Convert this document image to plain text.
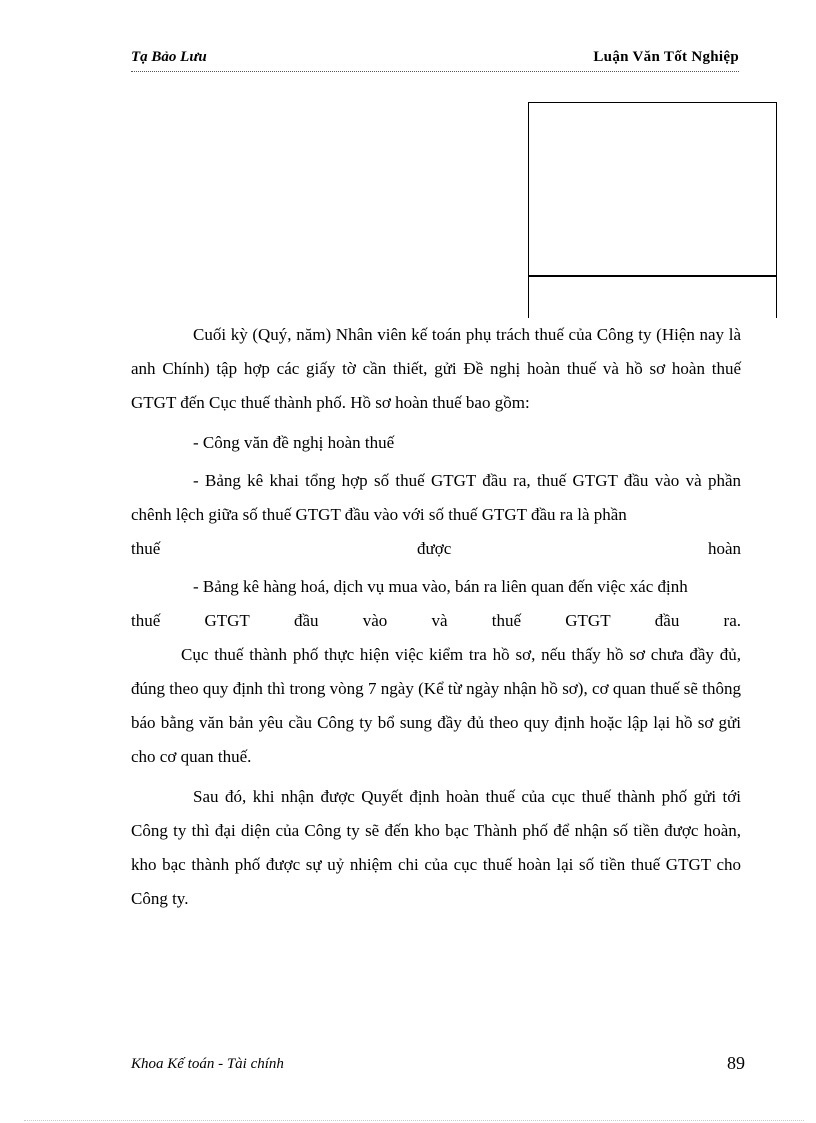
Tạ Bảo Lưu	Luận Văn Tốt Nghiệp

Cuối kỳ (Quý, năm) Nhân viên kế toán phụ trách thuế của Công ty (Hiện nay là anh Chính) tập hợp các giấy tờ cần thiết, gửi Đề nghị hoàn thuế và hồ sơ hoàn thuế GTGT đến Cục thuế thành phố. Hồ sơ hoàn thuế bao gồm:

- Công văn đề nghị hoàn thuế

- Bảng kê khai tổng hợp số thuế GTGT đầu ra, thuế GTGT đầu vào và phần chênh lệch giữa số thuế GTGT đầu vào với số thuế GTGT đầu ra là phần

thuế	được	hoàn

- Bảng kê hàng hoá, dịch vụ mua vào, bán ra liên quan đến việc xác định

thuế	GTGT	đầu	vào	và	thuế	GTGT	đầu	ra.

Cục thuế thành phố thực hiện việc kiểm tra hồ sơ, nếu thấy hồ sơ chưa đầy đủ, đúng theo quy định thì trong vòng 7 ngày (Kể từ ngày nhận hồ sơ), cơ quan thuế sẽ thông báo bằng văn bản yêu cầu Công ty bổ sung đầy đủ theo quy định hoặc lập lại hồ sơ gửi cho cơ quan thuế.

Sau đó, khi nhận được Quyết định hoàn thuế của cục thuế thành phố gửi tới Công ty thì đại diện của Công ty sẽ đến kho bạc Thành phố để nhận số tiền được hoàn, kho bạc thành phố được sự uỷ nhiệm chi của cục thuế hoàn lại số tiền thuế GTGT cho Công ty.

Khoa Kế toán - Tài chính	89
